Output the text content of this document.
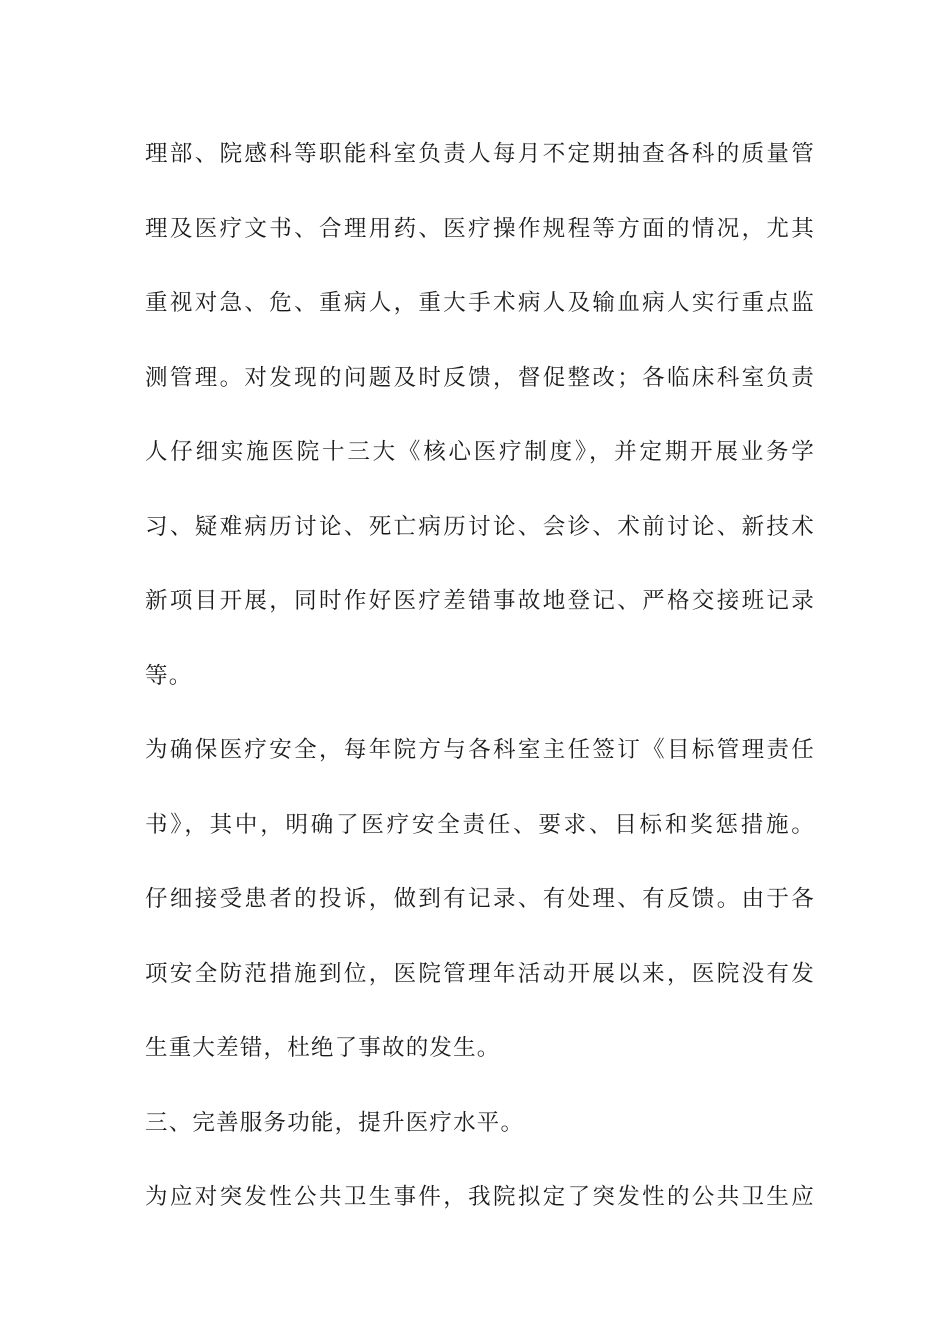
理部、院感科等职能科室负责人每月不定期抽查各科的质量管
理及医疗文书、合理用药、医疗操作规程等方面的情况，尤其
重视对急、危、重病人，重大手术病人及输血病人实行重点监
测管理。对发现的问题及时反馈，督促整改；各临床科室负责
人仔细实施医院十三大《核心医疗制度》，并定期开展业务学
习、疑难病历讨论、死亡病历讨论、会诊、术前讨论、新技术
新项目开展，同时作好医疗差错事故地登记、严格交接班记录
等。
为确保医疗安全，每年院方与各科室主任签订《目标管理责任
书》，其中，明确了医疗安全责任、要求、目标和奖惩措施。
仔细接受患者的投诉，做到有记录、有处理、有反馈。由于各
项安全防范措施到位，医院管理年活动开展以来，医院没有发
生重大差错，杜绝了事故的发生。
三、完善服务功能，提升医疗水平。
为应对突发性公共卫生事件，我院拟定了突发性的公共卫生应
